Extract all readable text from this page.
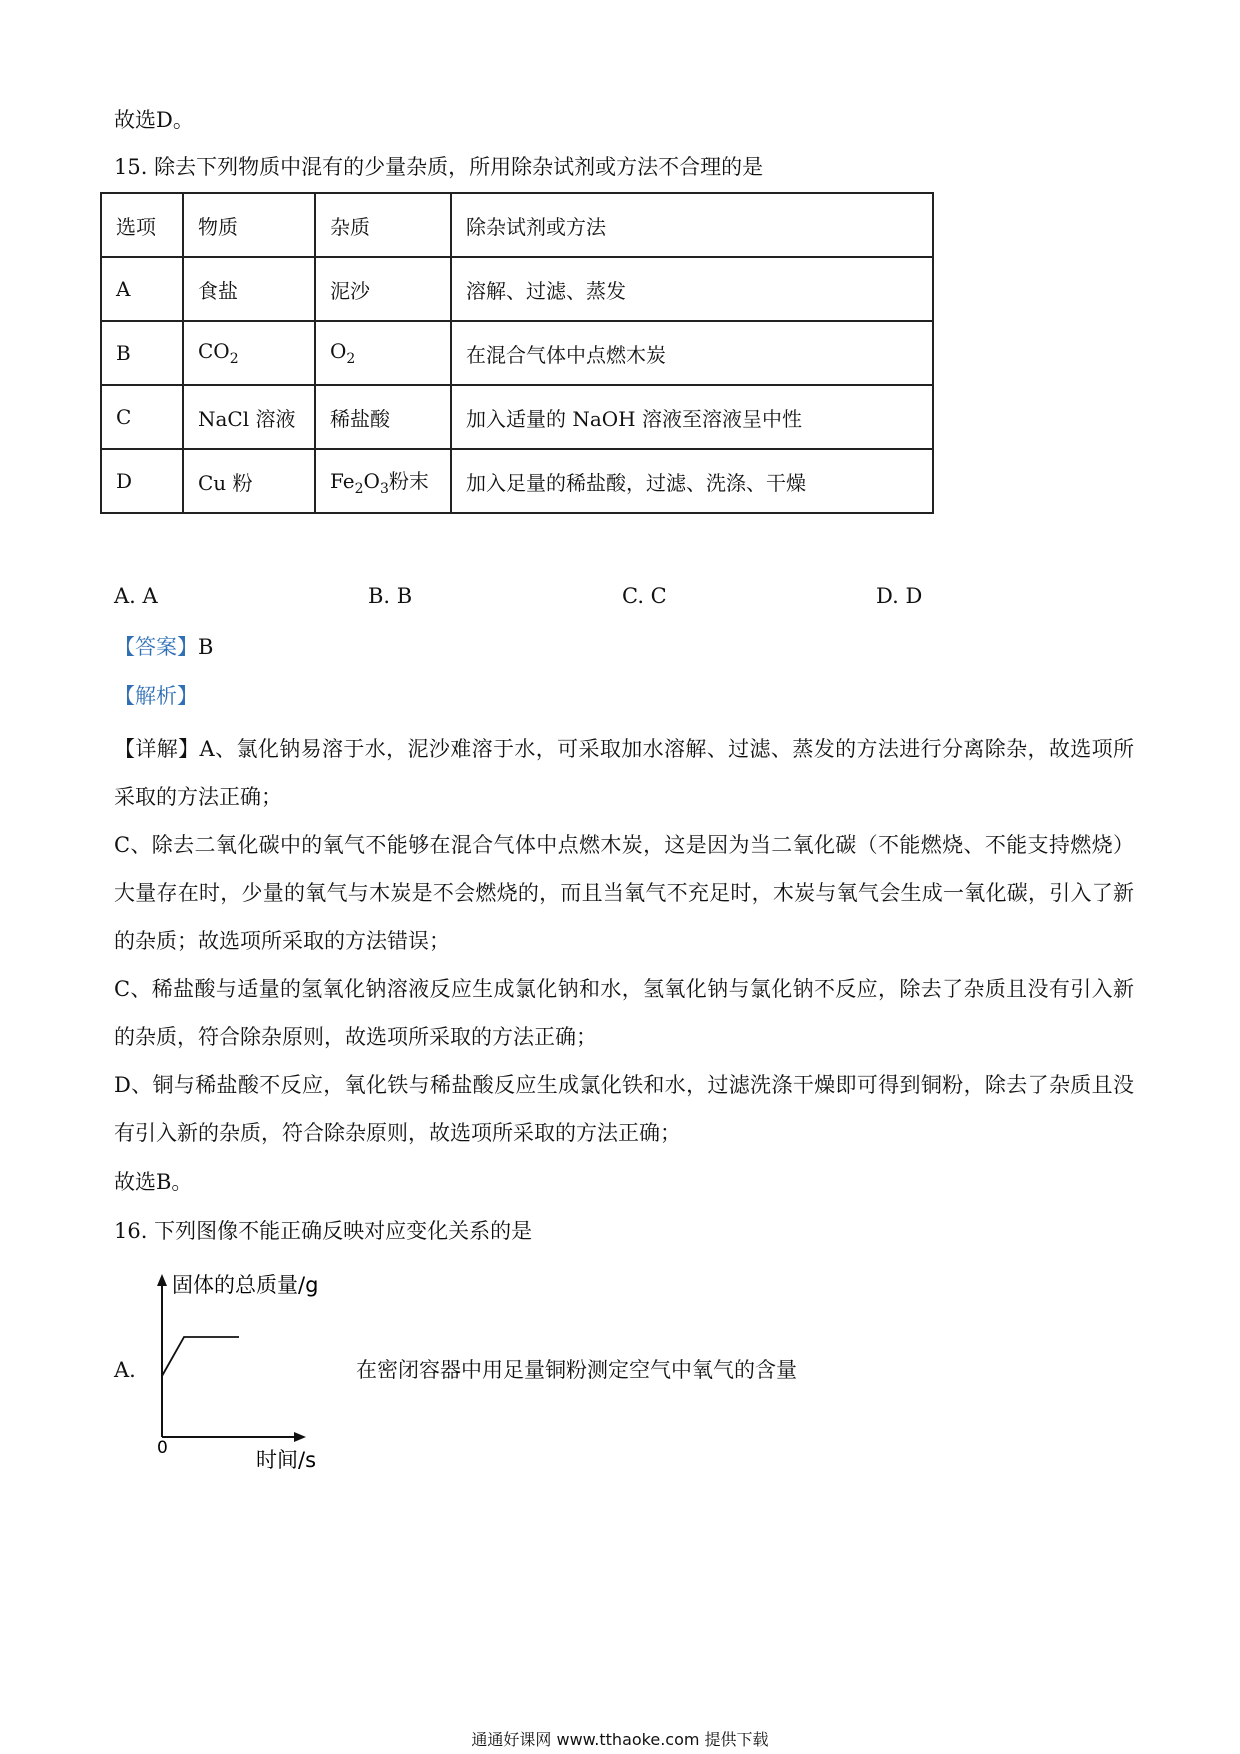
故选D。
15. 除去下列物质中混有的少量杂质，所用除杂试剂或方法不合理的是
选项	物质	杂质	除杂试剂或方法
A	食盐	泥沙	溶解、过滤、蒸发
B	$CO_2$	$O_2$	在混合气体中点燃木炭
C	NaCl 溶液	稀盐酸	加入适量的 NaOH 溶液至溶液呈中性
D	Cu 粉	$Fe_2O_3$粉末	加入足量的稀盐酸，过滤、洗涤、干燥
A. A	B. B	C. C	D. D
【答案】B
【解析】
【详解】A、氯化钠易溶于水，泥沙难溶于水，可采取加水溶解、过滤、蒸发的方法进行分离除杂，故选项所采取的方法正确；
C、除去二氧化碳中的氧气不能够在混合气体中点燃木炭，这是因为当二氧化碳（不能燃烧、不能支持燃烧）大量存在时，少量的氧气与木炭是不会燃烧的，而且当氧气不充足时，木炭与氧气会生成一氧化碳，引入了新的杂质；故选项所采取的方法错误；
C、稀盐酸与适量的氢氧化钠溶液反应生成氯化钠和水，氢氧化钠与氯化钠不反应，除去了杂质且没有引入新的杂质，符合除杂原则，故选项所采取的方法正确；
D、铜与稀盐酸不反应，氧化铁与稀盐酸反应生成氯化铁和水，过滤洗涤干燥即可得到铜粉，除去了杂质且没有引入新的杂质，符合除杂原则，故选项所采取的方法正确；
故选B。
16. 下列图像不能正确反映对应变化关系的是
A.
固体的总质量/g
时间/s
0
在密闭容器中用足量铜粉测定空气中氧气的含量
通通好课网 www.tthaoke.com 提供下载
